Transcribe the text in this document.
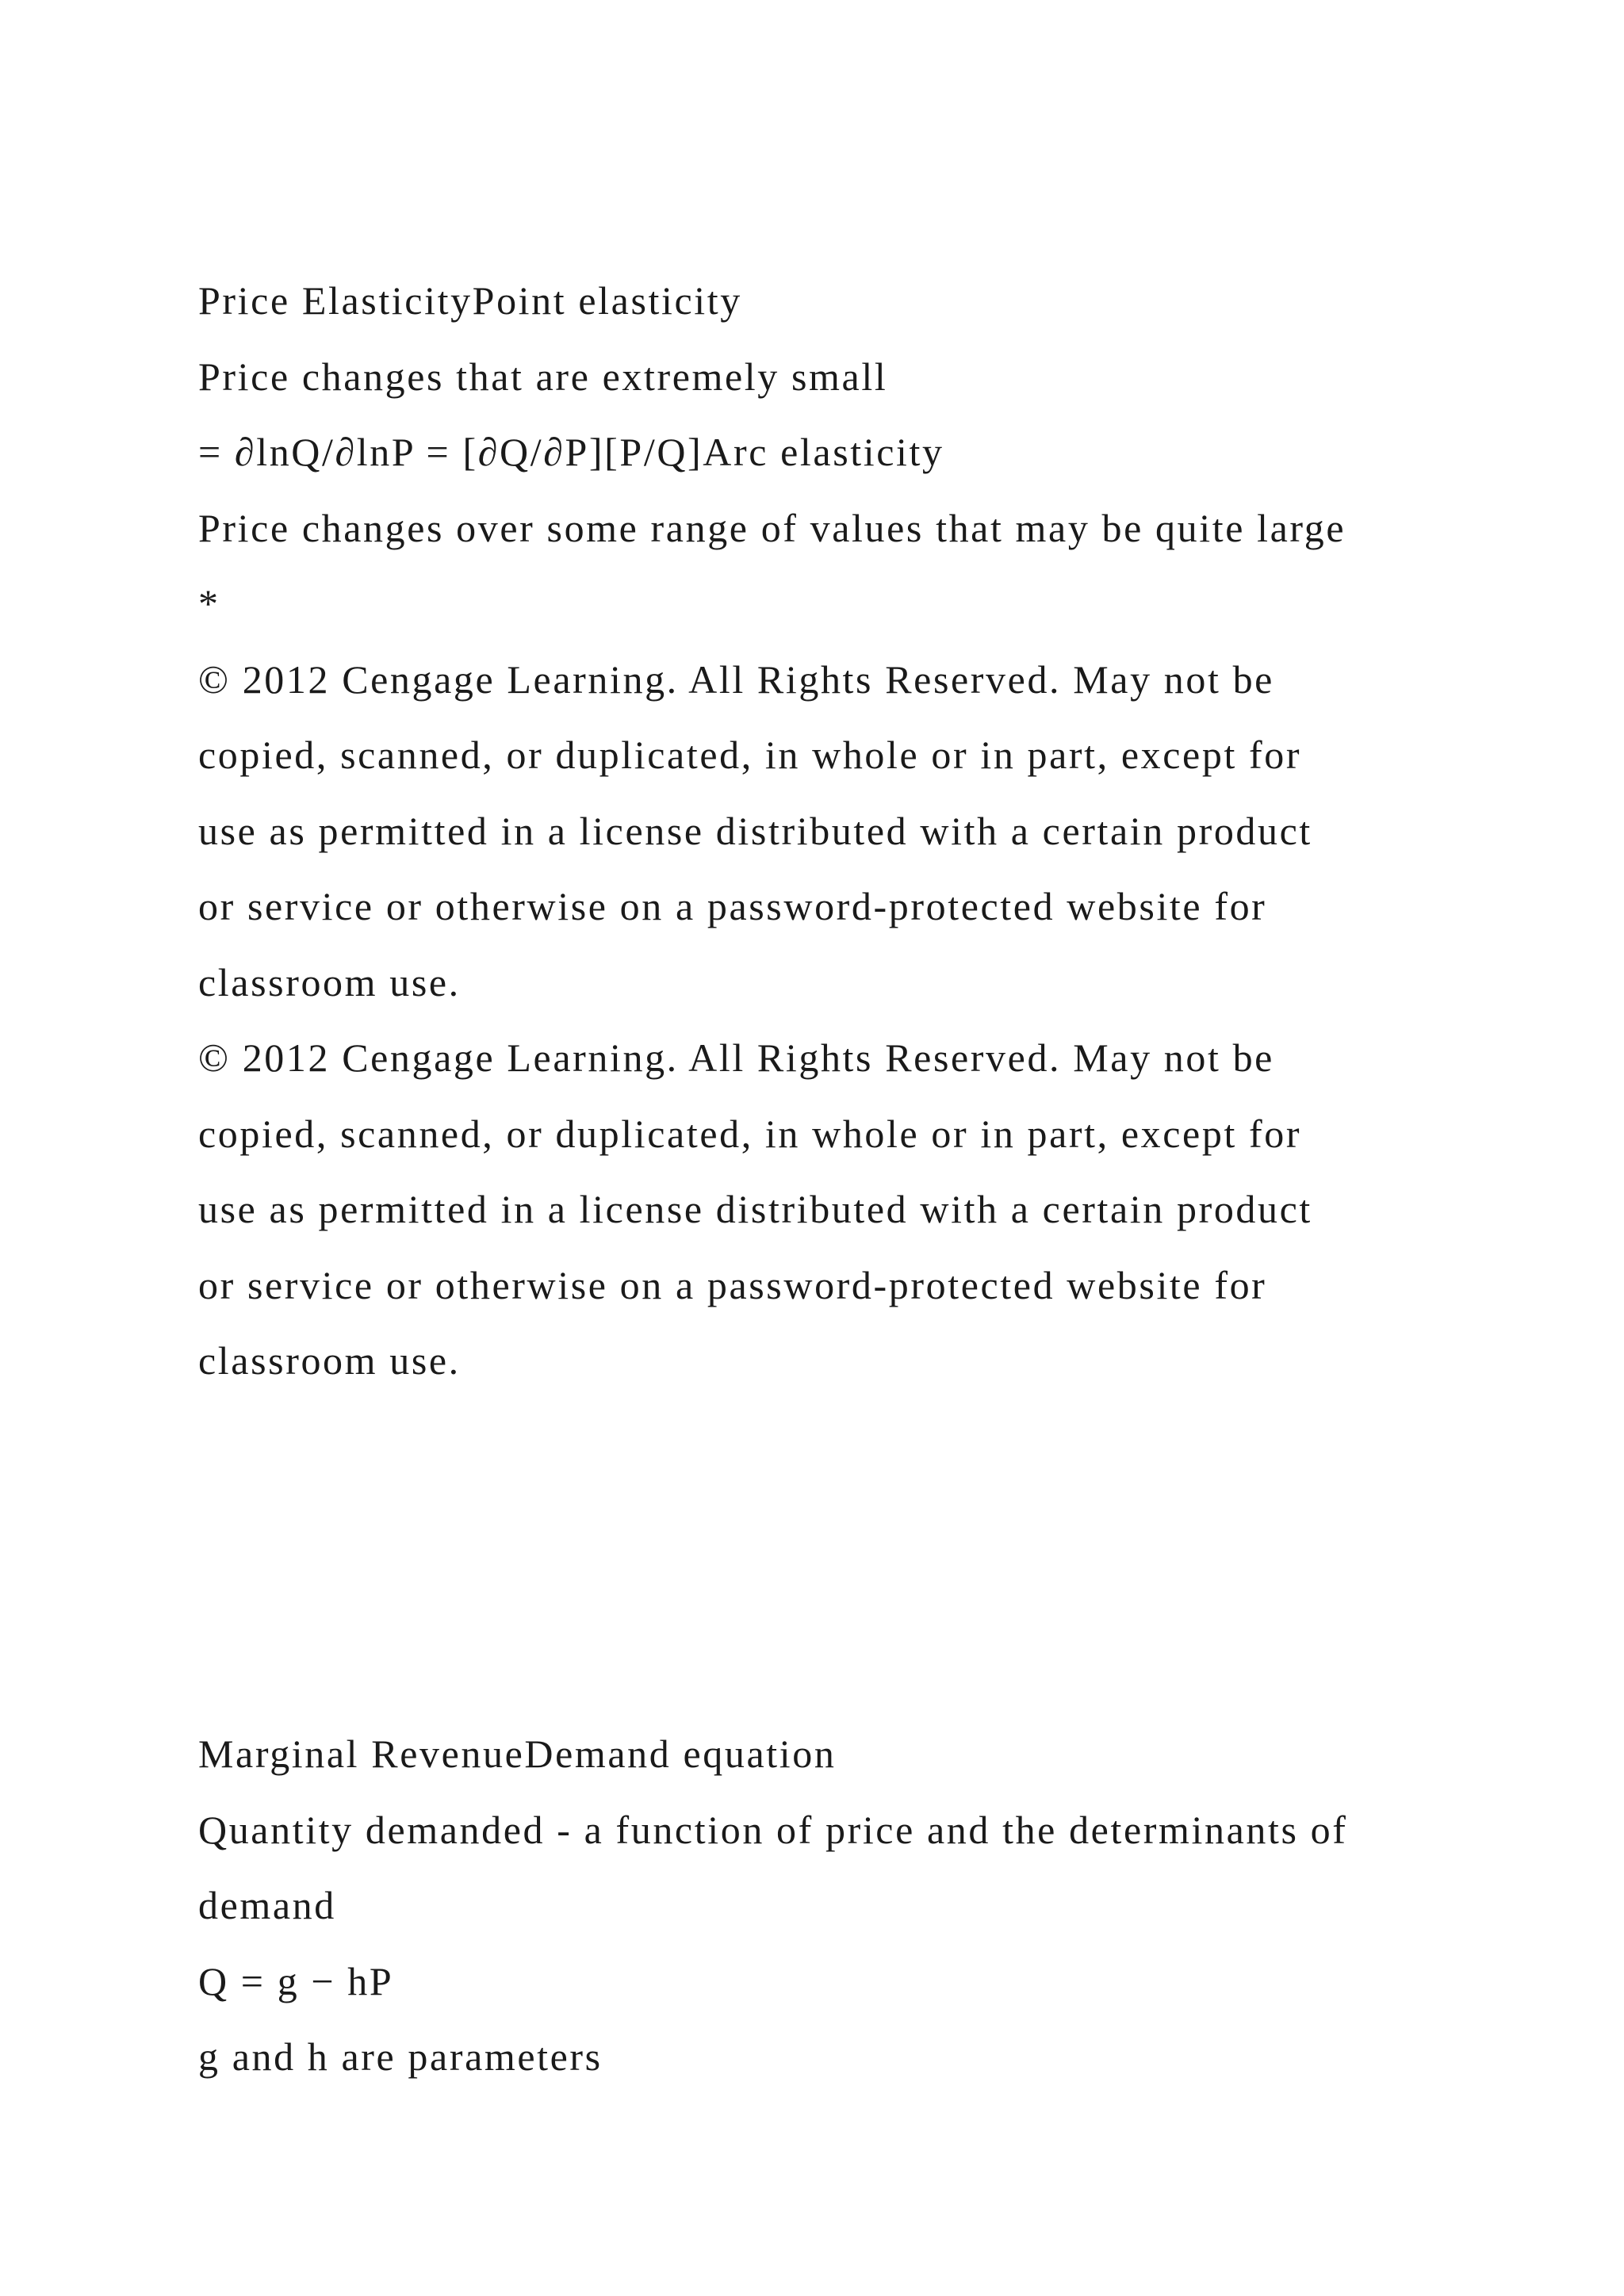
Price ElasticityPoint elasticity
Price changes that are extremely small
= ∂lnQ/∂lnP = [∂Q/∂P][P/Q]Arc elasticity
Price changes over some range of values that may be quite large
*
© 2012 Cengage Learning. All Rights Reserved. May not be
copied, scanned, or duplicated, in whole or in part, except for
use as permitted in a license distributed with a certain product
or service or otherwise on a password-protected website for
classroom use.
© 2012 Cengage Learning. All Rights Reserved. May not be
copied, scanned, or duplicated, in whole or in part, except for
use as permitted in a license distributed with a certain product
or service or otherwise on a password-protected website for
classroom use.
Marginal RevenueDemand equation
Quantity demanded - a function of price and the determinants of
demand
Q = g − hP
g and h are parameters
